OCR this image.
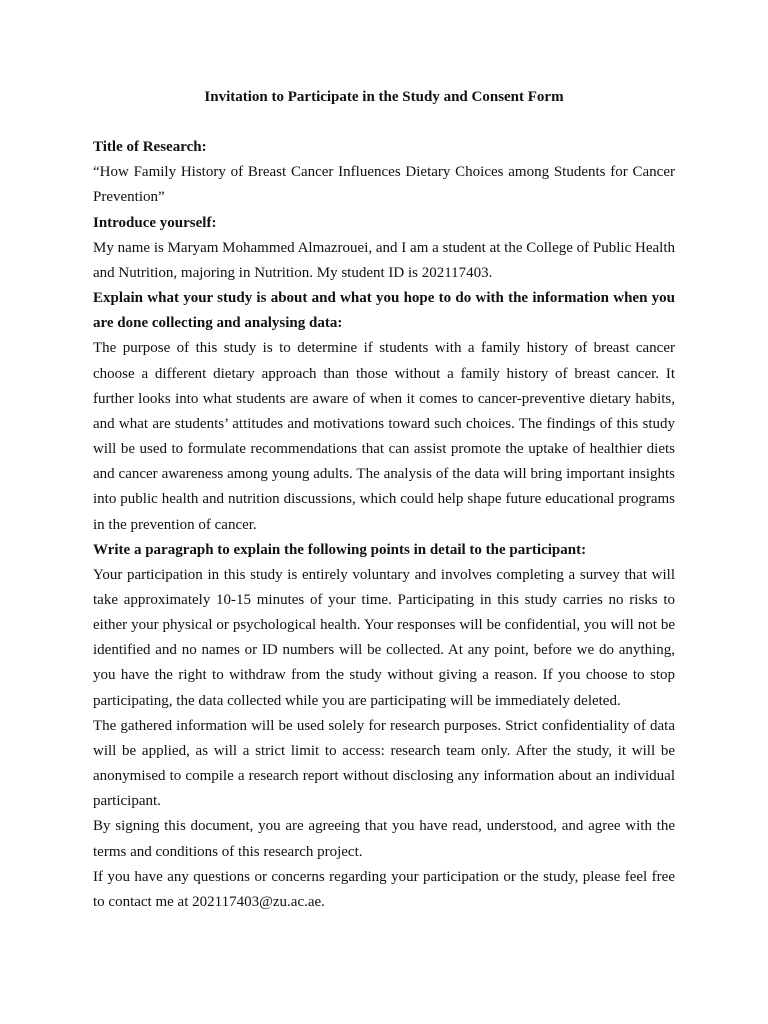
Invitation to Participate in the Study and Consent Form

Title of Research:

“How Family History of Breast Cancer Influences Dietary Choices among Students for Cancer Prevention”

Introduce yourself:

My name is Maryam Mohammed Almazrouei, and I am a student at the College of Public Health and Nutrition, majoring in Nutrition. My student ID is 202117403.

Explain what your study is about and what you hope to do with the information when you are done collecting and analysing data:

The purpose of this study is to determine if students with a family history of breast cancer choose a different dietary approach than those without a family history of breast cancer. It further looks into what students are aware of when it comes to cancer-preventive dietary habits, and what are students’ attitudes and motivations toward such choices. The findings of this study will be used to formulate recommendations that can assist promote the uptake of healthier diets and cancer awareness among young adults. The analysis of the data will bring important insights into public health and nutrition discussions, which could help shape future educational programs in the prevention of cancer.

Write a paragraph to explain the following points in detail to the participant:

Your participation in this study is entirely voluntary and involves completing a survey that will take approximately 10-15 minutes of your time. Participating in this study carries no risks to either your physical or psychological health. Your responses will be confidential, you will not be identified and no names or ID numbers will be collected. At any point, before we do anything, you have the right to withdraw from the study without giving a reason. If you choose to stop participating, the data collected while you are participating will be immediately deleted.

The gathered information will be used solely for research purposes. Strict confidentiality of data will be applied, as will a strict limit to access: research team only. After the study, it will be anonymised to compile a research report without disclosing any information about an individual participant.

By signing this document, you are agreeing that you have read, understood, and agree with the terms and conditions of this research project.

If you have any questions or concerns regarding your participation or the study, please feel free to contact me at 202117403@zu.ac.ae.
